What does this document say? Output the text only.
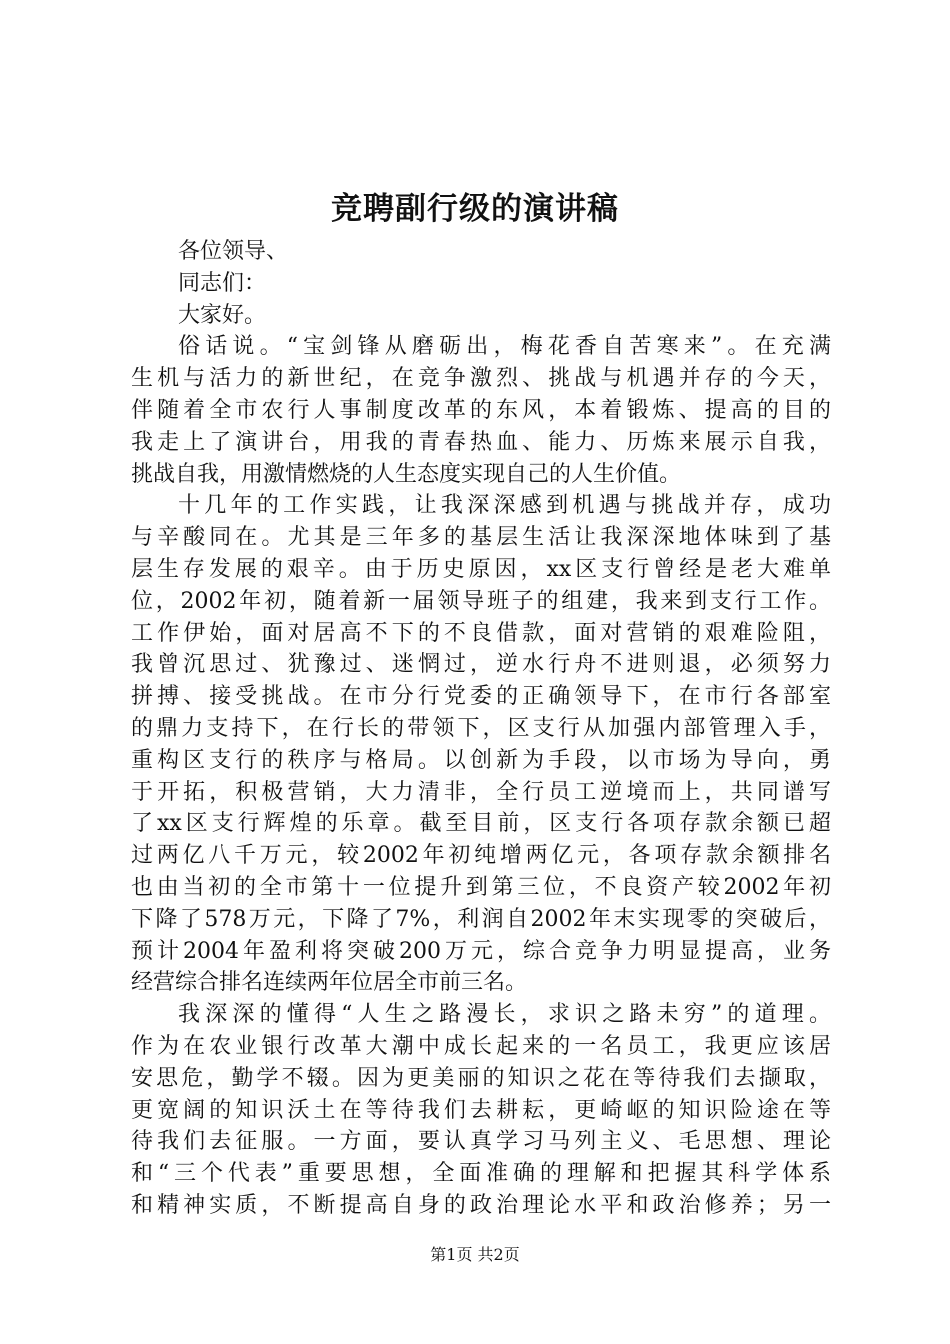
竞聘副行级的演讲稿
各位领导、
同志们：
大家好。
俗话说。“宝剑锋从磨砺出，梅花香自苦寒来”。在充满
生机与活力的新世纪，在竞争激烈、挑战与机遇并存的今天，
伴随着全市农行人事制度改革的东风，本着锻炼、提高的目的
我走上了演讲台，用我的青春热血、能力、历炼来展示自我，
挑战自我，用激情燃烧的人生态度实现自己的人生价值。
十几年的工作实践，让我深深感到机遇与挑战并存，成功
与辛酸同在。尤其是三年多的基层生活让我深深地体味到了基
层生存发展的艰辛。由于历史原因，xx区支行曾经是老大难单
位，2002年初，随着新一届领导班子的组建，我来到支行工作。
工作伊始，面对居高不下的不良借款，面对营销的艰难险阻，
我曾沉思过、犹豫过、迷惘过，逆水行舟不进则退，必须努力
拼搏、接受挑战。在市分行党委的正确领导下，在市行各部室
的鼎力支持下，在行长的带领下，区支行从加强内部管理入手，
重构区支行的秩序与格局。以创新为手段，以市场为导向，勇
于开拓，积极营销，大力清非，全行员工逆境而上，共同谱写
了xx区支行辉煌的乐章。截至目前，区支行各项存款余额已超
过两亿八千万元，较2002年初纯增两亿元，各项存款余额排名
也由当初的全市第十一位提升到第三位，不良资产较2002年初
下降了578万元，下降了7%，利润自2002年末实现零的突破后，
预计2004年盈利将突破200万元，综合竞争力明显提高，业务
经营综合排名连续两年位居全市前三名。
我深深的懂得“人生之路漫长，求识之路未穷”的道理。
作为在农业银行改革大潮中成长起来的一名员工，我更应该居
安思危，勤学不辍。因为更美丽的知识之花在等待我们去撷取，
更宽阔的知识沃土在等待我们去耕耘，更崎岖的知识险途在等
待我们去征服。一方面，要认真学习马列主义、毛思想、理论
和“三个代表”重要思想，全面准确的理解和把握其科学体系
和精神实质，不断提高自身的政治理论水平和政治修养；另一
第1页 共2页
